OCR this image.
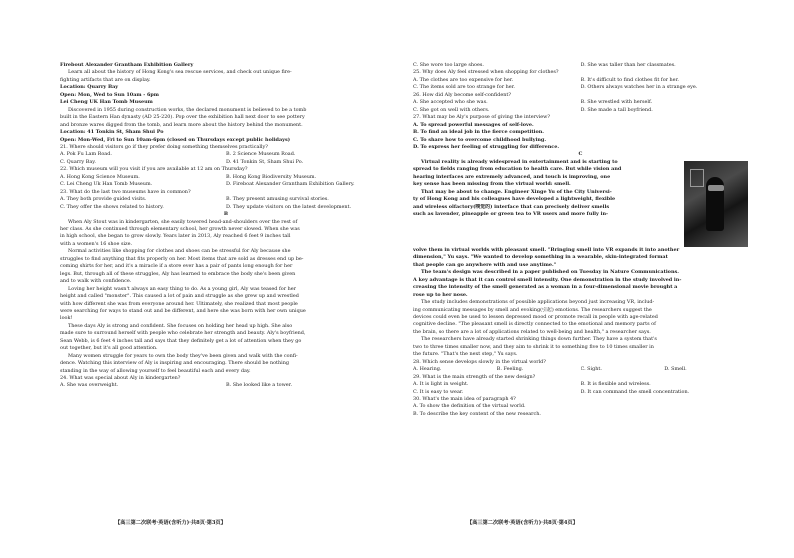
Firebout Alexander Grantham Exhibition Gallery
Learn all about the history of Hong Kong's sea rescue services, and check out unique fire-
fighting artifacts that are on display.
Location: Quarry Bay
Open: Mon, Wed to Sun 10am - 6pm
Lei Cheng UK Han Tomb Museum
Discovered in 1955 during construction works, the declared monument is believed to be a tomb
built in the Eastern Han dynasty (AD 25-220). Pop over the exhibition hall next door to see pottery
and bronze wares digged from the tomb, and learn more about the history behind the monument.
Location: 41 Tonkin St, Sham Shui Po
Open: Mon-Wed, Fri to Sun 10am-6pm (closed on Thursdays except public holidays)
21. Where should visitors go if they prefer doing something themselves practically?
A. Pok Fu Lam Road.	B. 2 Science Museum Road.
C. Quarry Bay.	D. 41 Tonkin St, Sham Shui Po.
22. Which museum will you visit if you are available at 12 am on Thursday?
A. Hong Kong Science Museum.	B. Hong Kong Biodiversity Museum.
C. Lei Cheng Uk Han Tomb Museum.	D. Fireboat Alexander Grantham Exhibition Gallery.
23. What do the last two museums have in common?
A. They both provide guided visits.	B. They present amusing survival stories.
C. They offer the shows related to history.	D. They update visitors on the latest development.
B
When Aly Stout was in kindergarten, she easily towered head-and-shoulders over the rest of
her class. As she continued through elementary school, her growth never slowed. When she was
in high school, she began to grow slowly. Years later in 2013, Aly reached 6 feet 9 inches tall
with a women's 16 shoe size.
Normal activities like shopping for clothes and shoes can be stressful for Aly because she
struggles to find anything that fits properly on her. Most items that are sold as dresses end up be-
coming shirts for her, and it's a miracle if a store ever has a pair of pants long enough for her
legs. But, through all of these struggles, Aly has learned to embrace the body she's been given
and to walk with confidence.
Loving her height wasn't always an easy thing to do. As a young girl, Aly was teased for her
height and called "monster". This caused a lot of pain and struggle as she grew up and wrestled
with how different she was from everyone around her. Ultimately, she realized that most people
were searching for ways to stand out and be different, and here she was born with her own unique
look!
These days Aly is strong and confident. She focuses on holding her head up high. She also
made sure to surround herself with people who celebrate her strength and beauty. Aly's boyfriend,
Sean Webb, is 6 feet 4 inches tall and says that they definitely get a lot of attention when they go
out together, but it's all good attention.
Many women struggle for years to own the body they've been given and walk with the confi-
dence. Watching this interview of Aly is inspiring and encouraging. There should be nothing
standing in the way of allowing yourself to feel beautiful each and every day.
24. What was special about Aly in kindergarten?
A. She was overweight.	B. She looked like a tower.
C. She wore too large shoes.	D. She was taller than her classmates.
25. Why does Aly feel stressed when shopping for clothes?
A. The clothes are too expensive for her.	B. It's difficult to find clothes fit for her.
C. The items sold are too strange for her.	D. Others always watches her in a strange eye.
26. How did Aly become self-confident?
A. She accepted who she was.	B. She wrestled with herself.
C. She got on well with others.	D. She made a tall boyfriend.
27. What may be Aly's purpose of giving the interview?
A. To spread powerful messages of self-love.
B. To find an ideal job in the fierce competition.
C. To share how to overcome childhood bullying.
D. To express her feeling of struggling for difference.
C
Virtual reality is already widespread in entertainment and is starting to
spread to fields ranging from education to health care. But while vision and
hearing interfaces are extremely advanced, and touch is improving, one
key sense has been missing from the virtual world: smell.
That may be about to change. Engineer Xinge Yu of the City Universi-
ty of Hong Kong and his colleagues have developed a lightweight, flexible
and wireless olfactory(嗅觉的) interface that can precisely deliver smells
such as lavender, pineapple or green tea to VR users and more fully in-
volve them in virtual worlds with pleasant smell. "Bringing smell into VR expands it into another
dimension," Yu says. "We wanted to develop something in a wearable, skin-integrated format
that people can go anywhere with and use anytime."
The team's design was described in a paper published on Tuesday in Nature Communications.
A key advantage is that it can control smell intensity. One demonstration in the study involved in-
creasing the intensity of the smell generated as a woman in a four-dimensional movie brought a
rose up to her nose.
The study includes demonstrations of possible applications beyond just increasing VR, includ-
ing communicating messages by smell and evoking(引起) emotions. The researchers suggest the
devices could even be used to lessen depressed mood or promote recall in people with age-related
cognitive decline. "The pleasant smell is directly connected to the emotional and memory parts of
the brain, so there are a lot of applications related to well-being and health," a researcher says.
The researchers have already started shrinking things down further. They have a system that's
two to three times smaller now, and they aim to shrink it to something five to 10 times smaller in
the future. "That's the next step," Yu says.
28. Which sense develops slowly in the virtual world?
A. Hearing.	B. Feeling.	C. Sight.	D. Smell.
29. What is the main strength of the new design?
A. It is light in weight.	B. It is flexible and wireless.
C. It is easy to wear.	D. It can command the smell concentration.
30. What's the main idea of paragraph 4?
A. To show the definition of the virtual world.
B. To describe the key content of the new research.
【高三第二次联考·英语(含听力)·共8页·第3页】	【高三第二次联考·英语(含听力)·共8页·第4页】
